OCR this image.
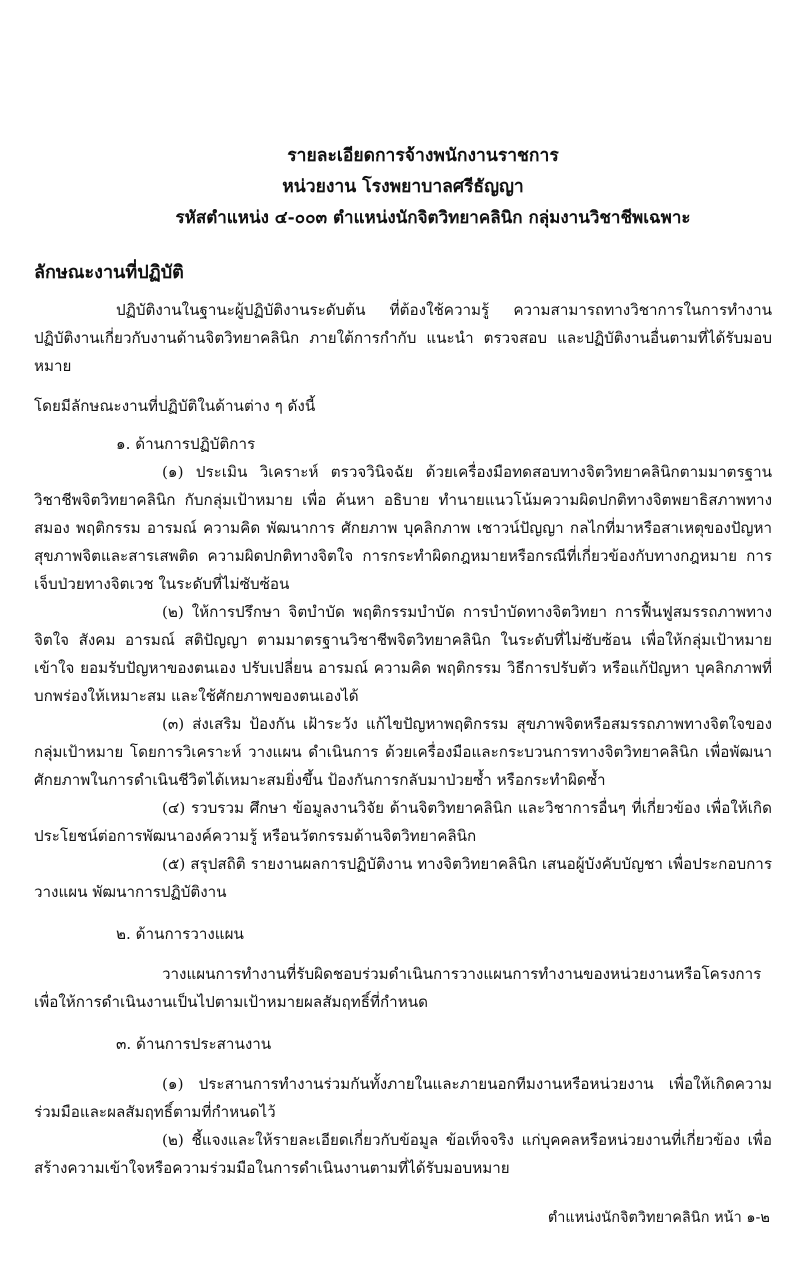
รายละเอียดการจ้างพนักงานราชการ
หน่วยงาน โรงพยาบาลศรีธัญญา
รหัสตำแหน่ง ๔-๐๐๓ ตำแหน่งนักจิตวิทยาคลินิก กลุ่มงานวิชาชีพเฉพาะ
ลักษณะงานที่ปฏิบัติ

ปฏิบัติงานในฐานะผู้ปฏิบัติงานระดับต้น ที่ต้องใช้ความรู้ ความสามารถทางวิชาการในการทำงาน ปฏิบัติงานเกี่ยวกับงานด้านจิตวิทยาคลินิก ภายใต้การกำกับ แนะนำ ตรวจสอบ และปฏิบัติงานอื่นตามที่ได้รับมอบหมาย

โดยมีลักษณะงานที่ปฏิบัติในด้านต่าง ๆ ดังนี้

๑. ด้านการปฏิบัติการ

(๑) ประเมิน วิเคราะห์ ตรวจวินิจฉัย ด้วยเครื่องมือทดสอบทางจิตวิทยาคลินิกตามมาตรฐานวิชาชีพจิตวิทยาคลินิก กับกลุ่มเป้าหมาย เพื่อ ค้นหา อธิบาย ทำนายแนวโน้มความผิดปกติทางจิตพยาธิสภาพทางสมอง พฤติกรรม อารมณ์ ความคิด พัฒนาการ ศักยภาพ บุคลิกภาพ เชาวน์ปัญญา กลไกที่มาหรือสาเหตุของปัญหาสุขภาพจิตและสารเสพติด ความผิดปกติทางจิตใจ การกระทำผิดกฎหมายหรือกรณีที่เกี่ยวข้องกับทางกฎหมาย การเจ็บป่วยทางจิตเวช ในระดับที่ไม่ซับซ้อน

(๒) ให้การปรึกษา จิตบำบัด พฤติกรรมบำบัด การบำบัดทางจิตวิทยา การฟื้นฟูสมรรถภาพทางจิตใจ สังคม อารมณ์ สติปัญญา ตามมาตรฐานวิชาชีพจิตวิทยาคลินิก ในระดับที่ไม่ซับซ้อน เพื่อให้กลุ่มเป้าหมายเข้าใจ ยอมรับปัญหาของตนเอง ปรับเปลี่ยน อารมณ์ ความคิด พฤติกรรม วิธีการปรับตัว หรือแก้ปัญหา บุคลิกภาพที่บกพร่องให้เหมาะสม และใช้ศักยภาพของตนเองได้

(๓) ส่งเสริม ป้องกัน เฝ้าระวัง แก้ไขปัญหาพฤติกรรม สุขภาพจิตหรือสมรรถภาพทางจิตใจของกลุ่มเป้าหมาย โดยการวิเคราะห์ วางแผน ดำเนินการ ด้วยเครื่องมือและกระบวนการทางจิตวิทยาคลินิก เพื่อพัฒนาศักยภาพในการดำเนินชีวิตได้เหมาะสมยิ่งขึ้น ป้องกันการกลับมาป่วยซ้ำ หรือกระทำผิดซ้ำ

(๔) รวบรวม ศึกษา ข้อมูลงานวิจัย ด้านจิตวิทยาคลินิก และวิชาการอื่นๆ ที่เกี่ยวข้อง เพื่อให้เกิดประโยชน์ต่อการพัฒนาองค์ความรู้ หรือนวัตกรรมด้านจิตวิทยาคลินิก

(๕) สรุปสถิติ รายงานผลการปฏิบัติงาน ทางจิตวิทยาคลินิก เสนอผู้บังคับบัญชา เพื่อประกอบการวางแผน พัฒนาการปฏิบัติงาน

๒. ด้านการวางแผน

วางแผนการทำงานที่รับผิดชอบร่วมดำเนินการวางแผนการทำงานของหน่วยงานหรือโครงการเพื่อให้การดำเนินงานเป็นไปตามเป้าหมายผลสัมฤทธิ์ที่กำหนด

๓. ด้านการประสานงาน

(๑) ประสานการทำงานร่วมกันทั้งภายในและภายนอกทีมงานหรือหน่วยงาน เพื่อให้เกิดความร่วมมือและผลสัมฤทธิ์ตามที่กำหนดไว้

(๒) ชี้แจงและให้รายละเอียดเกี่ยวกับข้อมูล ข้อเท็จจริง แก่บุคคลหรือหน่วยงานที่เกี่ยวข้อง เพื่อสร้างความเข้าใจหรือความร่วมมือในการดำเนินงานตามที่ได้รับมอบหมาย

ตำแหน่งนักจิตวิทยาคลินิก หน้า ๑-๒
